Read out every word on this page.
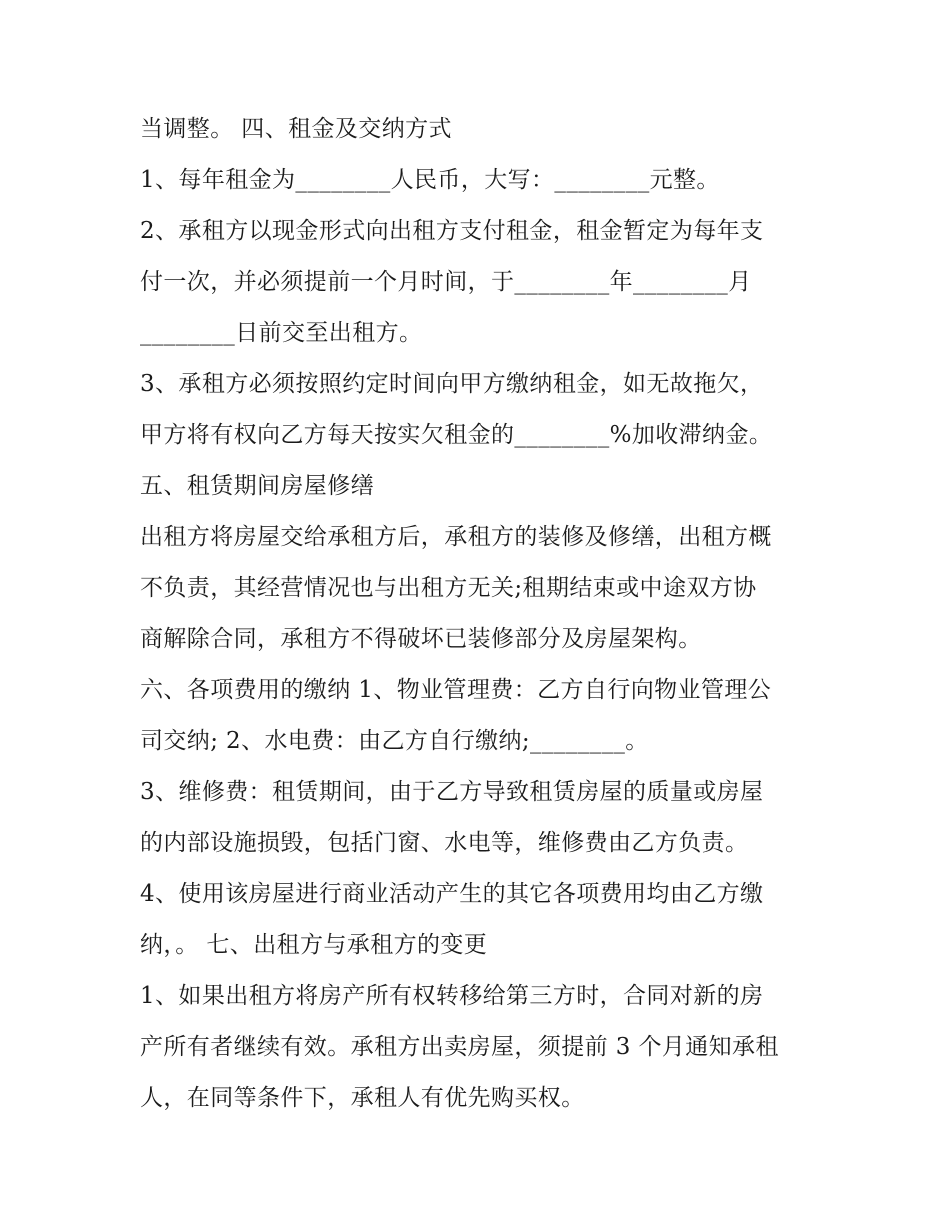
当调整。 四、租金及交纳方式
1、每年租金为________人民币，大写：________元整。
2、承租方以现金形式向出租方支付租金，租金暂定为每年支
付一次，并必须提前一个月时间，于________年________月
________日前交至出租方。
3、承租方必须按照约定时间向甲方缴纳租金，如无故拖欠，
甲方将有权向乙方每天按实欠租金的________%加收滞纳金。
五、租赁期间房屋修缮
出租方将房屋交给承租方后，承租方的装修及修缮，出租方概
不负责，其经营情况也与出租方无关;租期结束或中途双方协
商解除合同，承租方不得破坏已装修部分及房屋架构。
六、各项费用的缴纳 1、物业管理费：乙方自行向物业管理公
司交纳; 2、水电费：由乙方自行缴纳;________。
3、维修费：租赁期间，由于乙方导致租赁房屋的质量或房屋
的内部设施损毁，包括门窗、水电等，维修费由乙方负责。
4、使用该房屋进行商业活动产生的其它各项费用均由乙方缴
纳，。 七、出租方与承租方的变更
1、如果出租方将房产所有权转移给第三方时，合同对新的房
产所有者继续有效。承租方出卖房屋，须提前 3 个月通知承租
人，在同等条件下，承租人有优先购买权。
